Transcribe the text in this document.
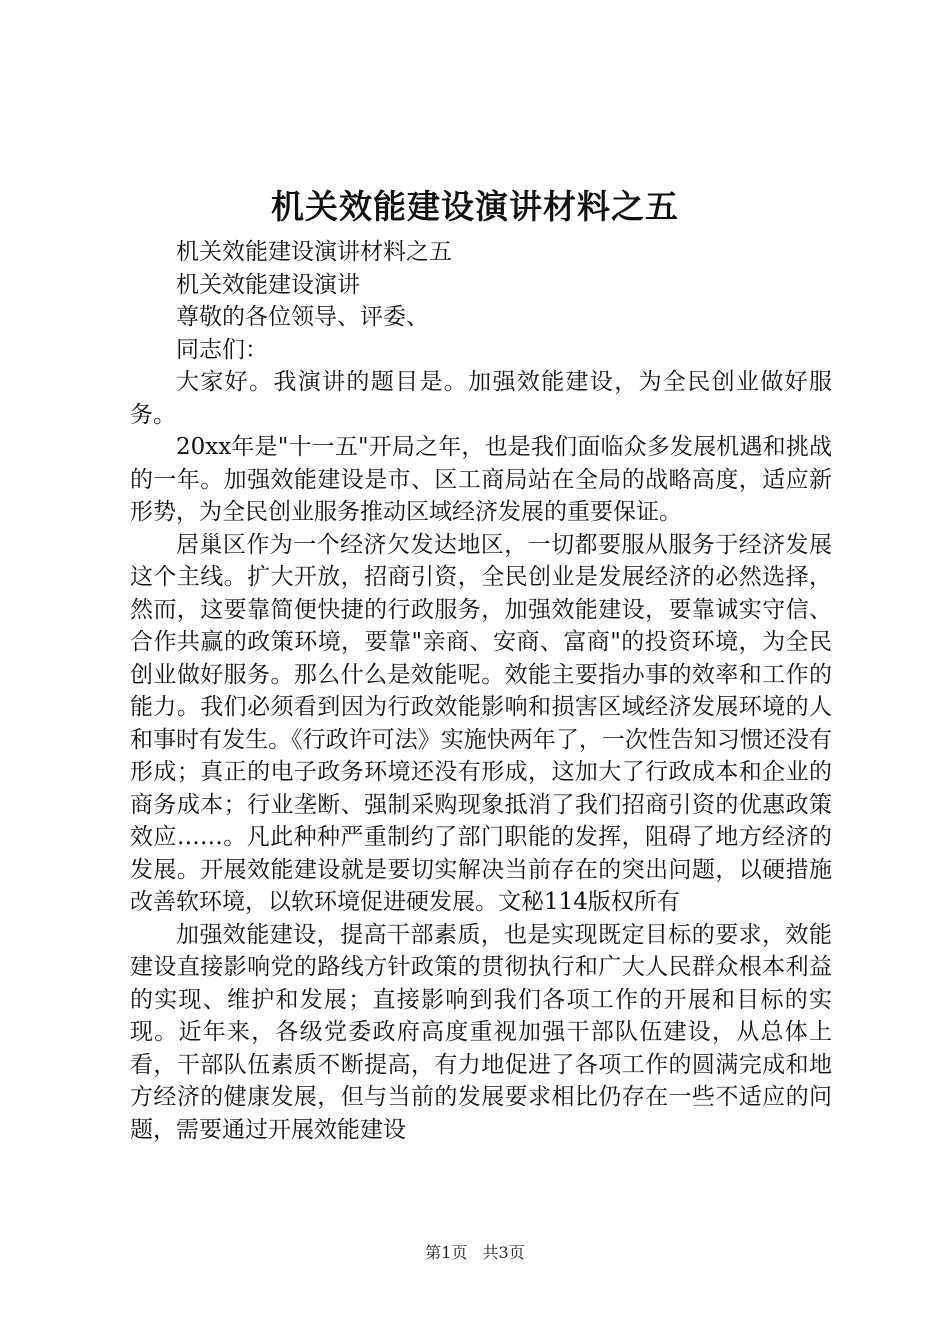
机关效能建设演讲材料之五

机关效能建设演讲材料之五

机关效能建设演讲

尊敬的各位领导、评委、

同志们：

大家好。我演讲的题目是。加强效能建设，为全民创业做好服务。

20xx年是"十一五"开局之年，也是我们面临众多发展机遇和挑战的一年。加强效能建设是市、区工商局站在全局的战略高度，适应新形势，为全民创业服务推动区域经济发展的重要保证。

居巢区作为一个经济欠发达地区，一切都要服从服务于经济发展这个主线。扩大开放，招商引资，全民创业是发展经济的必然选择，然而，这要靠简便快捷的行政服务，加强效能建设，要靠诚实守信、合作共赢的政策环境，要靠"亲商、安商、富商"的投资环境，为全民创业做好服务。那么什么是效能呢。效能主要指办事的效率和工作的能力。我们必须看到因为行政效能影响和损害区域经济发展环境的人和事时有发生。《行政许可法》实施快两年了，一次性告知习惯还没有形成；真正的电子政务环境还没有形成，这加大了行政成本和企业的商务成本；行业垄断、强制采购现象抵消了我们招商引资的优惠政策效应……。凡此种种严重制约了部门职能的发挥，阻碍了地方经济的发展。开展效能建设就是要切实解决当前存在的突出问题，以硬措施改善软环境，以软环境促进硬发展。文秘114版权所有

加强效能建设，提高干部素质，也是实现既定目标的要求，效能建设直接影响党的路线方针政策的贯彻执行和广大人民群众根本利益的实现、维护和发展；直接影响到我们各项工作的开展和目标的实现。近年来，各级党委政府高度重视加强干部队伍建设，从总体上看，干部队伍素质不断提高，有力地促进了各项工作的圆满完成和地方经济的健康发展，但与当前的发展要求相比仍存在一些不适应的问题，需要通过开展效能建设

第1页 共3页
